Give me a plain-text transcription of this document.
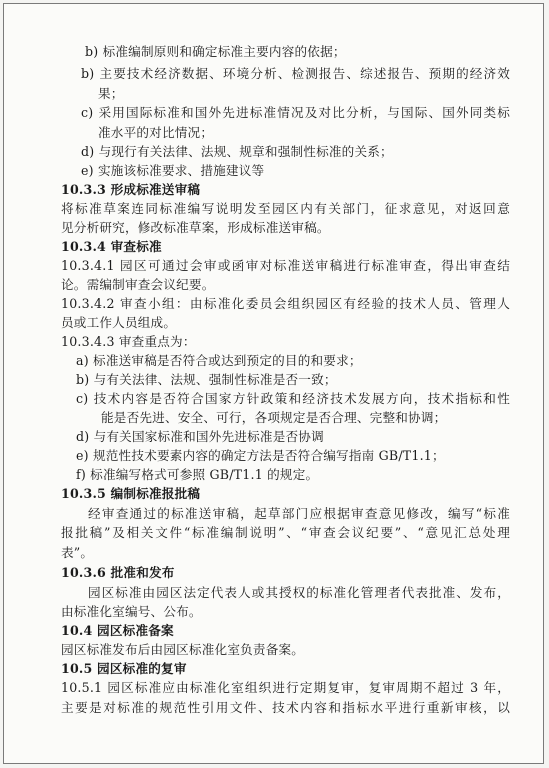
b) 标准编制原则和确定标准主要内容的依据；
b) 主要技术经济数据、环境分析、检测报告、综述报告、预期的经济效
果；
c) 采用国际标准和国外先进标准情况及对比分析，与国际、国外同类标
准水平的对比情况；
d) 与现行有关法律、法规、规章和强制性标准的关系；
e) 实施该标准要求、措施建议等
10.3.3 形成标准送审稿
将标准草案连同标准编写说明发至园区内有关部门，征求意见，对返回意
见分析研究，修改标准草案，形成标准送审稿。
10.3.4 审查标准
10.3.4.1 园区可通过会审或函审对标准送审稿进行标准审查，得出审查结
论。需编制审查会议纪要。
10.3.4.2 审查小组：由标准化委员会组织园区有经验的技术人员、管理人
员或工作人员组成。
10.3.4.3 审查重点为：
a) 标准送审稿是否符合或达到预定的目的和要求；
b) 与有关法律、法规、强制性标准是否一致；
c) 技术内容是否符合国家方针政策和经济技术发展方向，技术指标和性
能是否先进、安全、可行，各项规定是否合理、完整和协调；
d) 与有关国家标准和国外先进标准是否协调
e) 规范性技术要素内容的确定方法是否符合编写指南 GB/T1.1；
f) 标准编写格式可参照 GB/T1.1 的规定。
10.3.5 编制标准报批稿
经审查通过的标准送审稿，起草部门应根据审查意见修改，编写“标准
报批稿”及相关文件“标准编制说明”、“审查会议纪要”、“意见汇总处理
表”。
10.3.6 批准和发布
园区标准由园区法定代表人或其授权的标准化管理者代表批准、发布，
由标准化室编号、公布。
10.4 园区标准备案
园区标准发布后由园区标准化室负责备案。
10.5 园区标准的复审
10.5.1 园区标准应由标准化室组织进行定期复审，复审周期不超过 3 年，
主要是对标准的规范性引用文件、技术内容和指标水平进行重新审核，以
